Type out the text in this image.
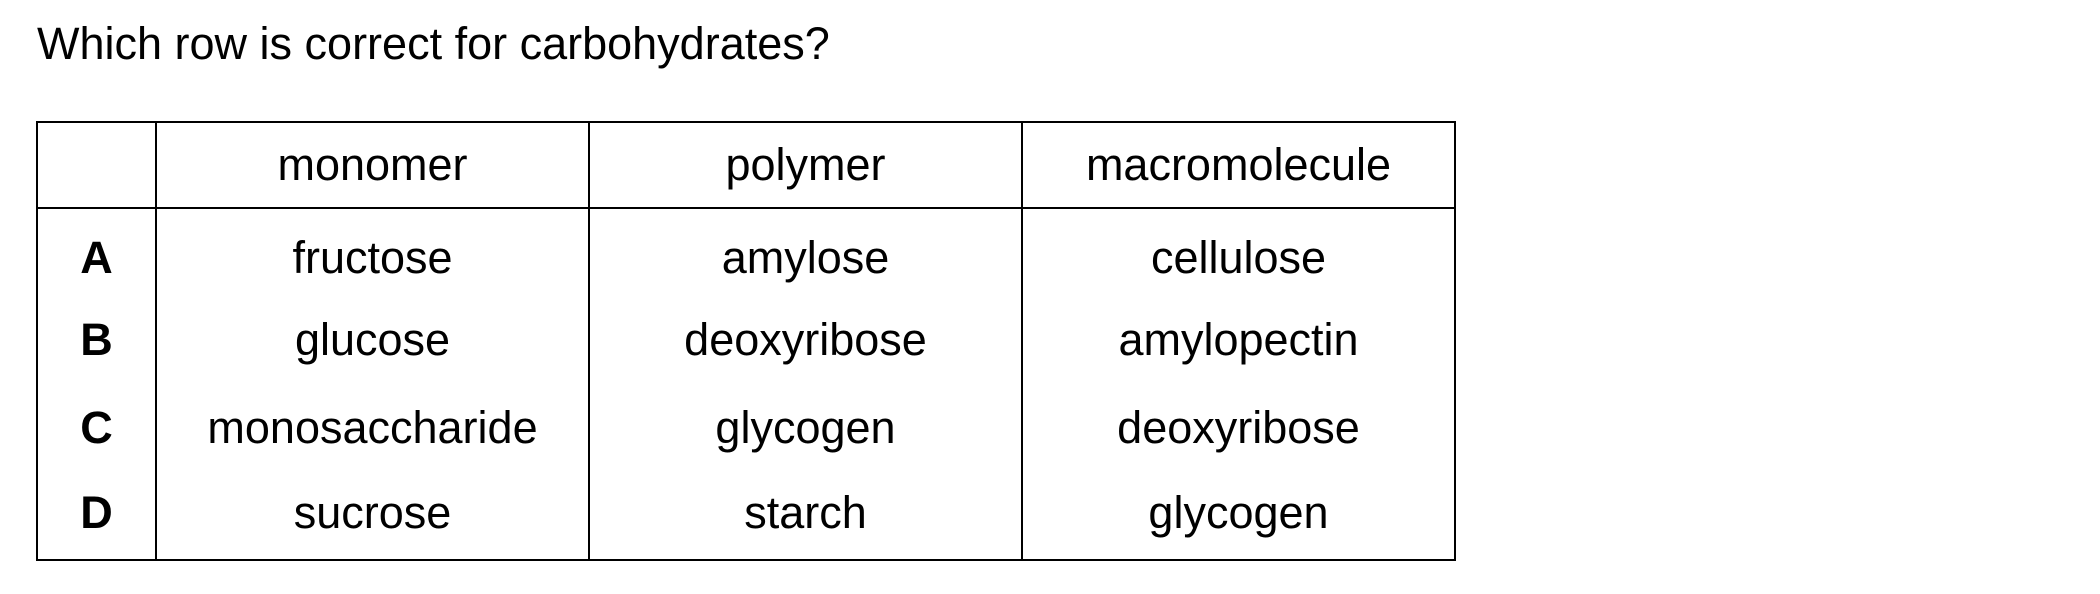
Which row is correct for carbohydrates?
	monomer	polymer	macromolecule
A	fructose	amylose	cellulose
B	glucose	deoxyribose	amylopectin
C	monosaccharide	glycogen	deoxyribose
D	sucrose	starch	glycogen
